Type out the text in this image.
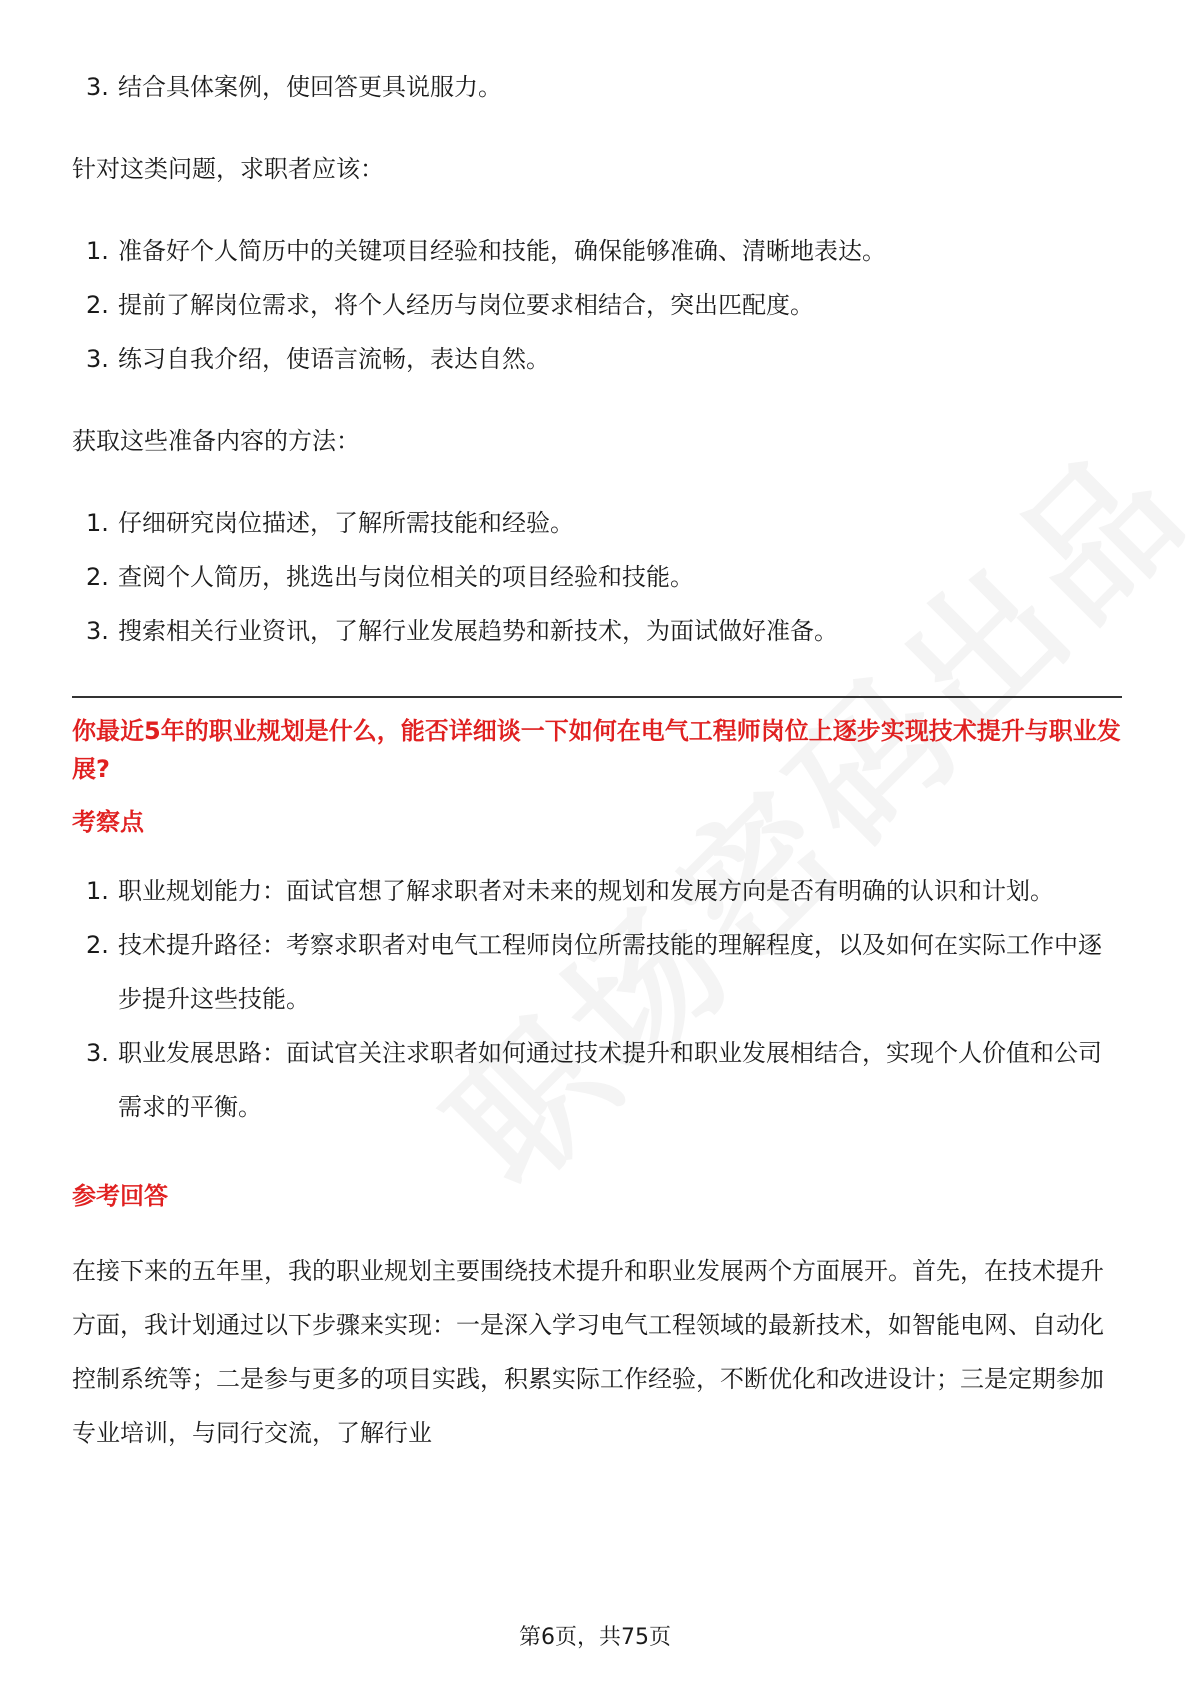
3. 结合具体案例，使回答更具说服力。

针对这类问题，求职者应该：

1. 准备好个人简历中的关键项目经验和技能，确保能够准确、清晰地表达。
2. 提前了解岗位需求，将个人经历与岗位要求相结合，突出匹配度。
3. 练习自我介绍，使语言流畅，表达自然。

获取这些准备内容的方法：

1. 仔细研究岗位描述，了解所需技能和经验。
2. 查阅个人简历，挑选出与岗位相关的项目经验和技能。
3. 搜索相关行业资讯，了解行业发展趋势和新技术，为面试做好准备。

你最近5年的职业规划是什么，能否详细谈一下如何在电气工程师岗位上逐步实现技术提升与职业发展?

考察点

1. 职业规划能力：面试官想了解求职者对未来的规划和发展方向是否有明确的认识和计划。
2. 技术提升路径：考察求职者对电气工程师岗位所需技能的理解程度，以及如何在实际工作中逐步提升这些技能。
3. 职业发展思路：面试官关注求职者如何通过技术提升和职业发展相结合，实现个人价值和公司需求的平衡。

参考回答

在接下来的五年里，我的职业规划主要围绕技术提升和职业发展两个方面展开。首先，在技术提升方面，我计划通过以下步骤来实现：一是深入学习电气工程领域的最新技术，如智能电网、自动化控制系统等；二是参与更多的项目实践，积累实际工作经验，不断优化和改进设计；三是定期参加专业培训，与同行交流，了解行业

第6页，共75页
